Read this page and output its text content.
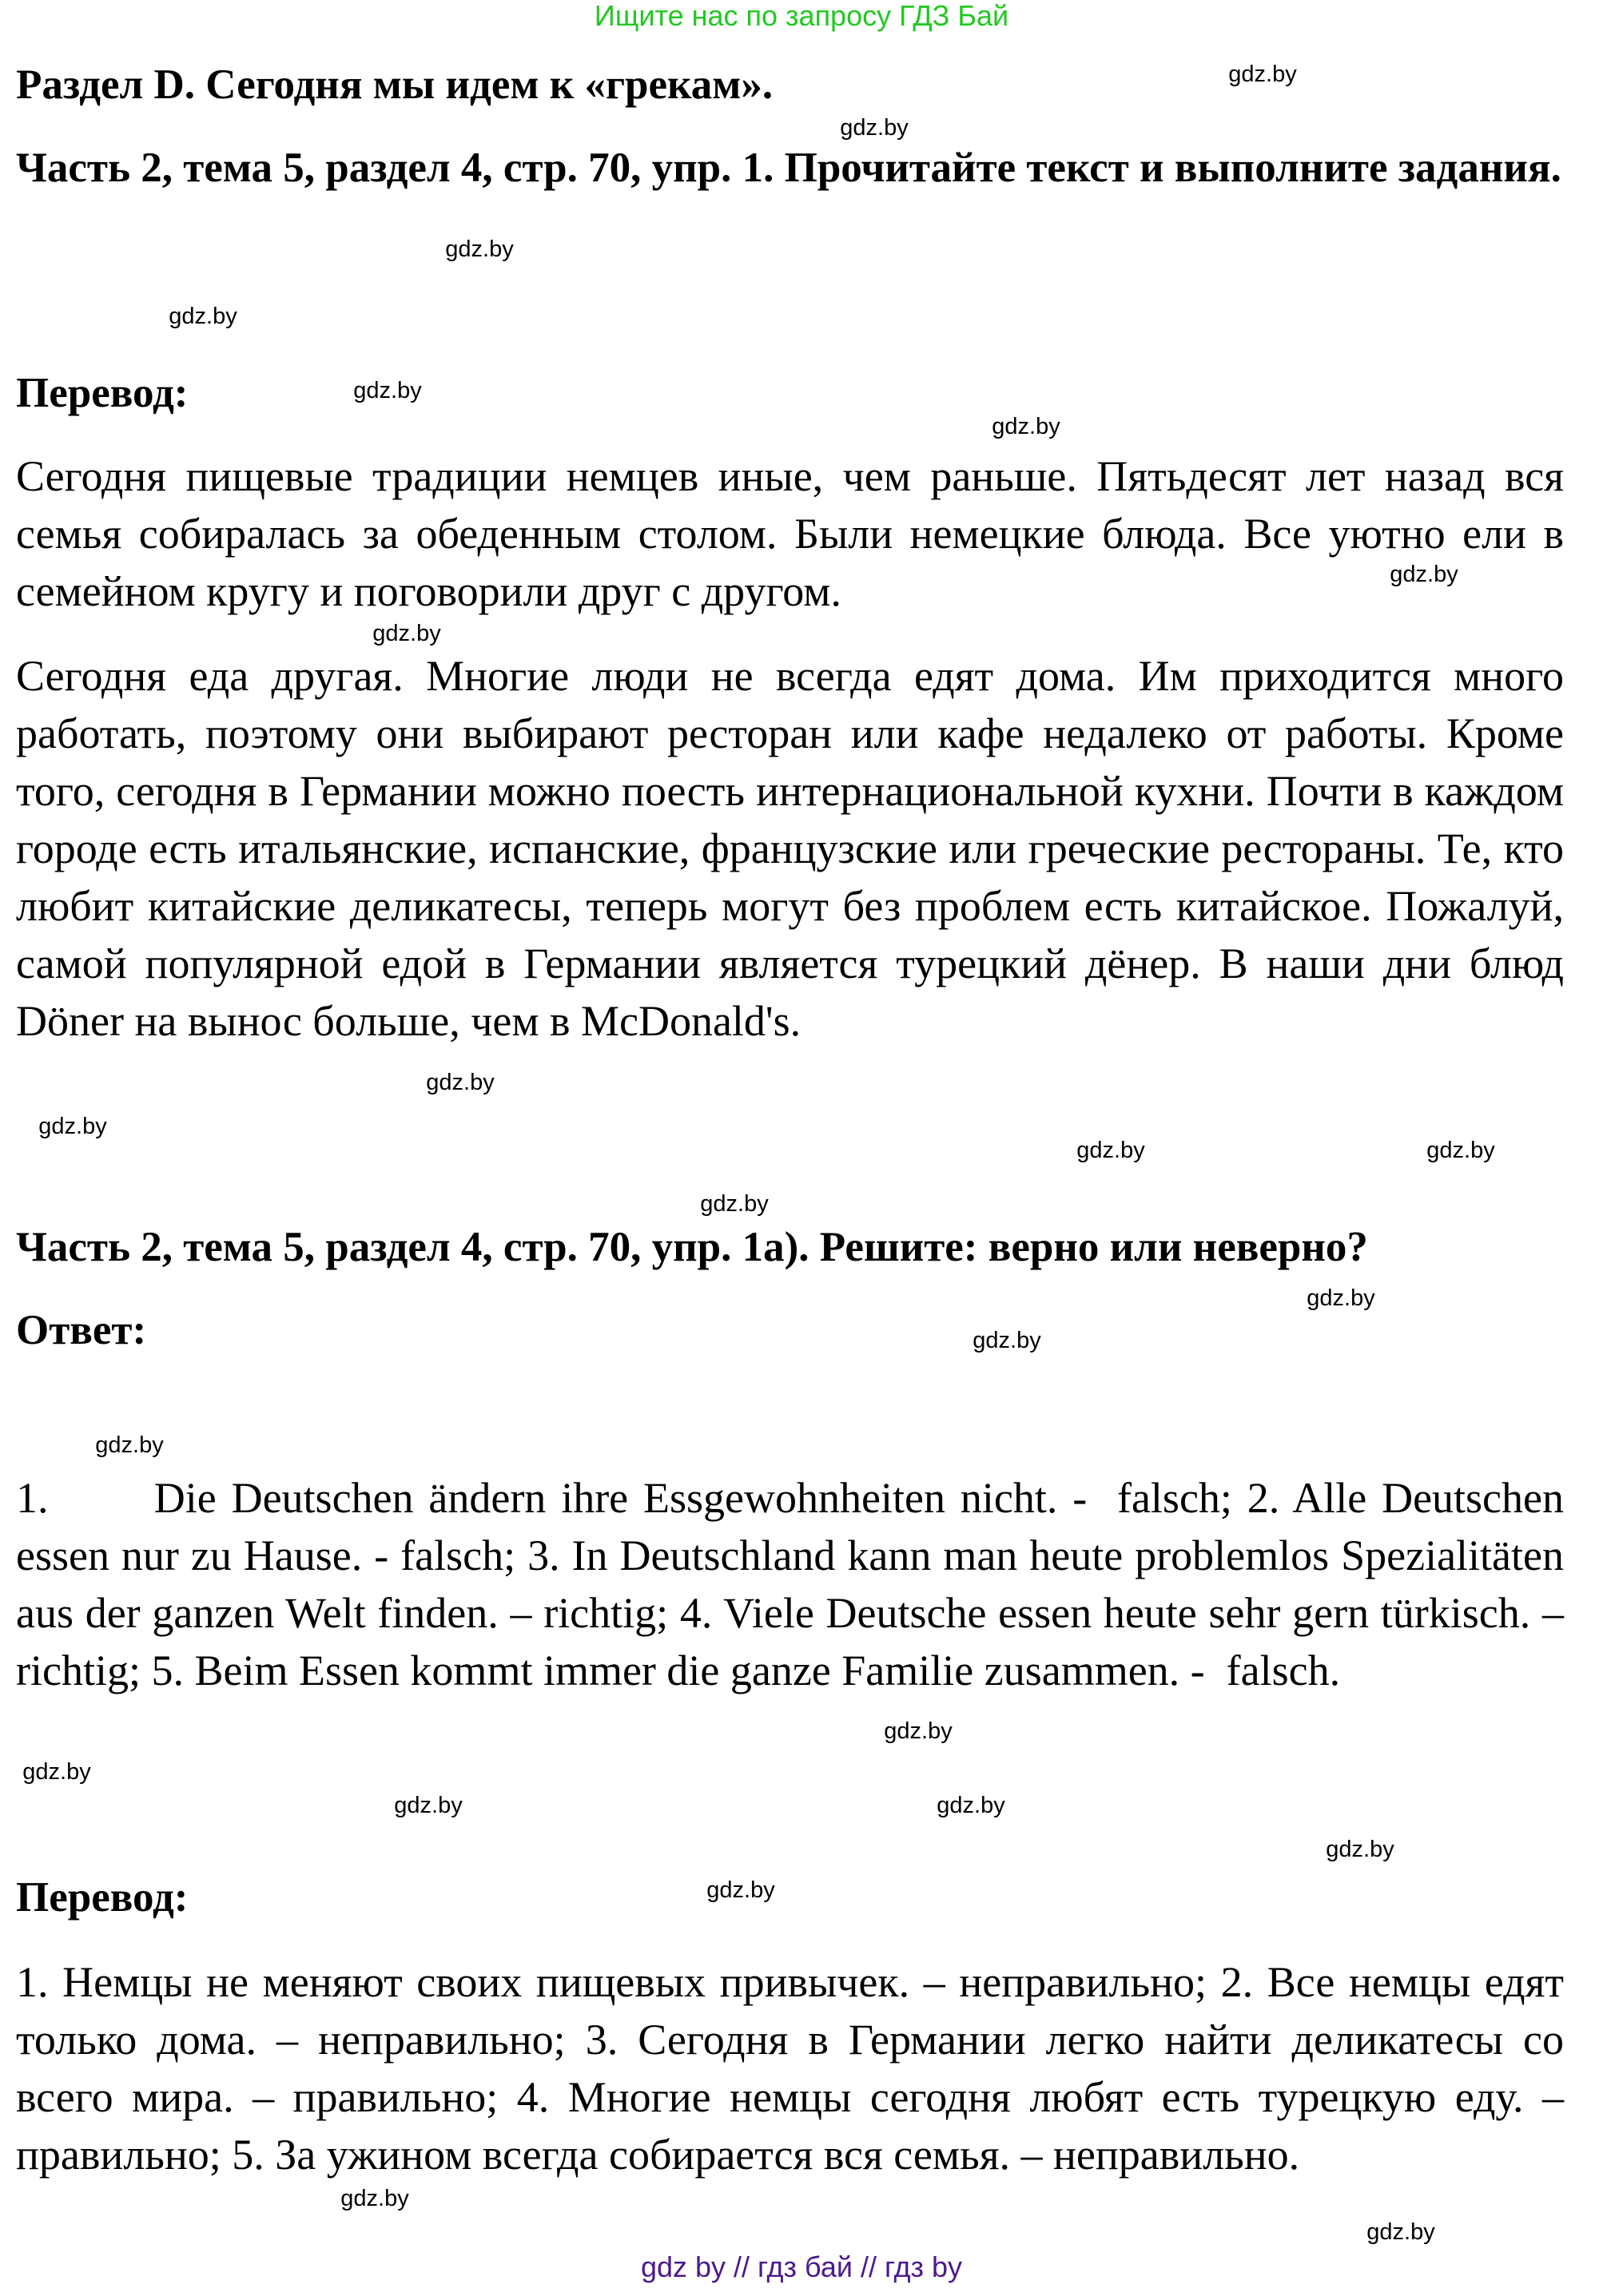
Ищите нас по запросу ГДЗ Бай
Раздел D. Сегодня мы идем к «грекам».
Часть 2, тема 5, раздел 4, стр. 70, упр. 1. Прочитайте текст и выполните задания.
Перевод:

Сегодня пищевые традиции немцев иные, чем раньше. Пятьдесят лет назад вся семья собиралась за обеденным столом. Были немецкие блюда. Все уютно ели в семейном кругу и поговорили друг с другом.

Сегодня еда другая. Многие люди не всегда едят дома. Им приходится много работать, поэтому они выбирают ресторан или кафе недалеко от работы. Кроме того, сегодня в Германии можно поесть интернациональной кухни. Почти в каждом городе есть итальянские, испанские, французские или греческие рестораны. Те, кто любит китайские деликатесы, теперь могут без проблем есть китайское. Пожалуй, самой популярной едой в Германии является турецкий дёнер. В наши дни блюд Döner на вынос больше, чем в McDonald's.

Часть 2, тема 5, раздел 4, стр. 70, упр. 1а). Решите: верно или неверно?
Ответ:

1.       Die Deutschen ändern ihre Essgewohnheiten nicht. -  falsch; 2. Alle Deutschen essen nur zu Hause. - falsch; 3. In Deutschland kann man heute problemlos Spezialitäten aus der ganzen Welt finden. – richtig; 4. Viele Deutsche essen heute sehr gern türkisch. – richtig; 5. Beim Essen kommt immer die ganze Familie zusammen. -  falsch.

Перевод:

1. Немцы не меняют своих пищевых привычек. – неправильно; 2. Все немцы едят только дома. – неправильно; 3. Сегодня в Германии легко найти деликатесы со всего мира. – правильно; 4. Многие немцы сегодня любят есть турецкую еду. – правильно; 5. За ужином всегда собирается вся семья. – неправильно.

gdz.by
gdz.by
gdz.by
gdz.by
gdz.by
gdz.by
gdz.by
gdz.by
gdz.by	gdz.by
gdz.by
gdz.by
gdz.by
gdz.by
gdz.by
gdz.by
gdz.by
gdz.by
gdz.by
gdz.by
gdz.by	gdz.by
gdz.by
gdz.by
gdz by // гдз бай // гдз by
